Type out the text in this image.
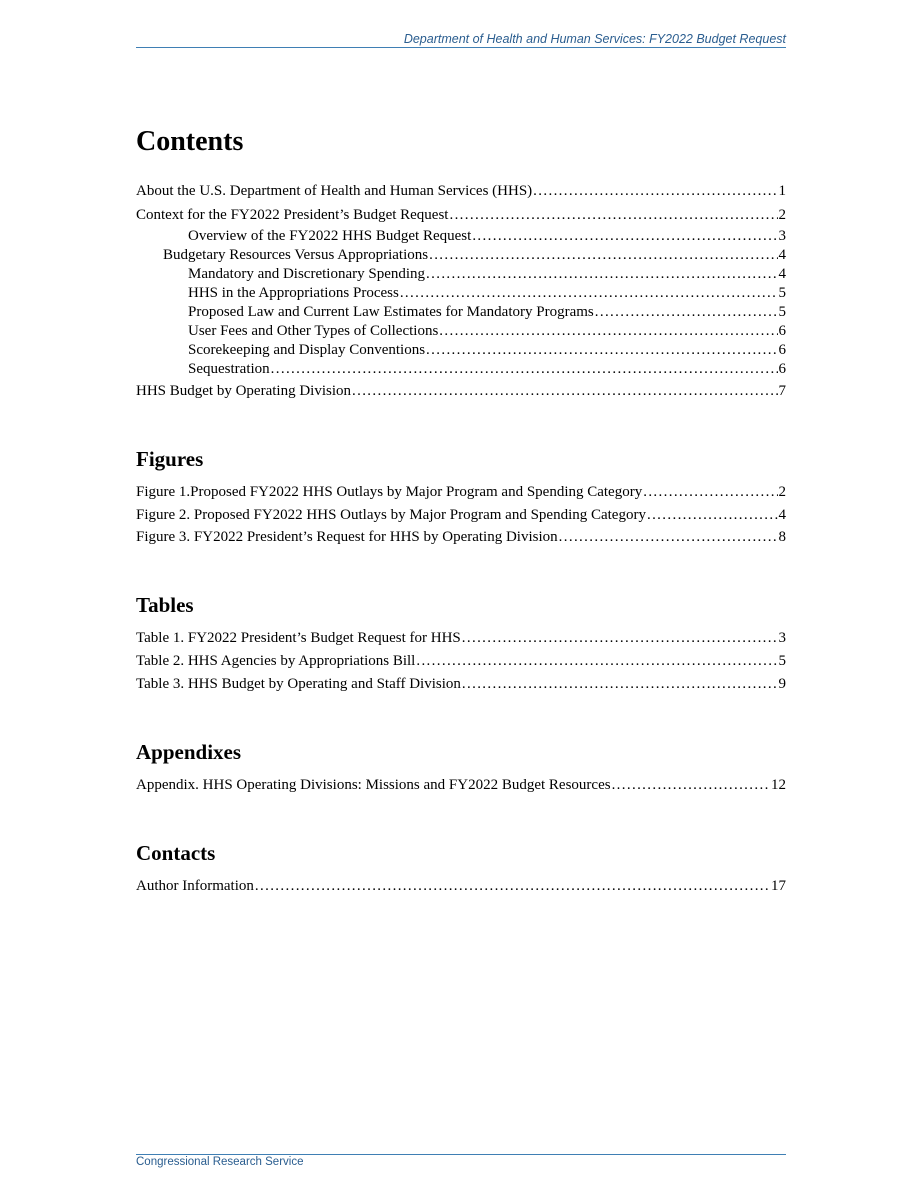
Department of Health and Human Services: FY2022 Budget Request
Contents
About the U.S. Department of Health and Human Services (HHS) . . .	1
Context for the FY2022 President’s Budget Request . . .	2
Overview of the FY2022 HHS Budget Request . . .	3
Budgetary Resources Versus Appropriations . . .	4
Mandatory and Discretionary Spending . . .	4
HHS in the Appropriations Process . . .	5
Proposed Law and Current Law Estimates for Mandatory Programs . . .	5
User Fees and Other Types of Collections . . .	6
Scorekeeping and Display Conventions . . .	6
Sequestration . . .	6
HHS Budget by Operating Division . . .	7
Figures
Figure 1.Proposed FY2022 HHS Outlays by Major Program and Spending Category . . .	2
Figure 2. Proposed FY2022 HHS Outlays by Major Program and Spending Category . . .	4
Figure 3. FY2022 President’s Request for HHS by Operating Division . . .	8
Tables
Table 1. FY2022 President’s Budget Request for HHS . . .	3
Table 2. HHS Agencies by Appropriations Bill . . .	5
Table 3. HHS Budget by Operating and Staff Division . . .	9
Appendixes
Appendix. HHS Operating Divisions: Missions and FY2022 Budget Resources . . .	12
Contacts
Author Information . . .	17
Congressional Research Service
